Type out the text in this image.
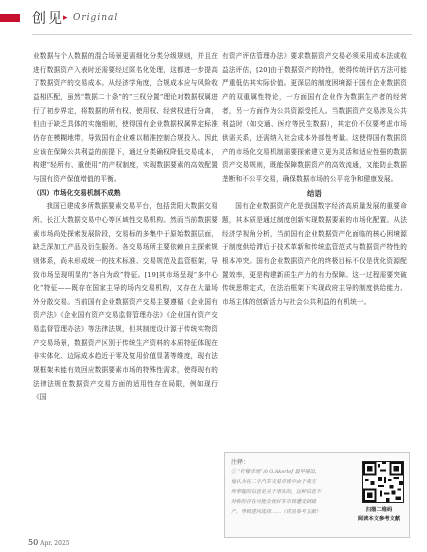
创见 ▸ Original

业数据与个人数据的混合场景更需细化分类分级规则，并且在进行数据资产入表时还需要经过匿名化处理，这都进一步提高了数据资产的交易成本。从经济学角度，合规成本应与风险收益相匹配，虽然“数据二十条”的“三权分置”理论对数据权属进行了初步界定，将数据的所有权、使用权、经营权进行分离，但由于缺乏具体的实施细则，使得国有企业数据权属界定标准仍存在模糊地带，导致国有企业难以精准控制合规投入。因此应该在保障公共利益的前提下，通过分类确权降低交易成本，构建“轻所有、重使用”的产权制度，实现数据要素的高效配置与国有资产保值增值的平衡。

（四）市场化交易机制不成熟

我国已建成多所数据要素交易平台，包括贵阳大数据交易所、长江大数据交易中心等区域性交易机构。然而当前数据要素市场尚处探索发展阶段，交易标的多集中于原始数据层面，缺乏深加工产品及衍生服务。各交易场所主要依赖自主探索规则体系，尚未形成统一的技术标准、交易规范及监管框架，导致市场呈现明显的“各自为政”特征。[19]其市场呈现“多中心化”特征——既存在国家主导的场内交易机构，又存在大量场外分散交易。当前国有企业数据资产交易主要遵循《企业国有资产法》《企业国有资产交易监督管理办法》《企业国有资产交易监督管理办法》等法律法规，但其制度设计源于传统实物资产交易场景，数据资产区别于传统生产资料的本质特征体现在非实体化、边际成本趋近于零及复用价值显著等维度，现有法规框架未能有效回应数据要素市场的特殊性需求，使得现有的法律法规在数据资产交易方面的适用性存在局限，例如现行《国

有资产评估管理办法》要求数据资产交易必须采用成本法或收益法评估，[20]由于数据资产的特性，使得传统评估方法可能严重低估其实际价值。更深层的制度困境源于国有企业数据资产的双重属性特论，一方面国有企业作为数据生产者的经营者，另一方面作为公共资源受托人。当数据资产交易涉及公共利益时（如交通、医疗等民生数据），其定价不仅要考虑市场供需关系，还需纳入社会成本外部性考量。这使得国有数据资产的市场化交易机制需要探索建立更为灵活和适应性强的数据资产交易规则，既能保障数据资产的高效流通，又能防止数据垄断和不公平交易，确保数据市场的公平竞争和健康发展。

结语

国有企业数据资产化是我国数字经济高质量发展的重要命题，其本质是通过制度创新实现数据要素的市场化配置。从法经济学视角分析，当前国有企业数据资产化面临的核心困境源于制度供给滞后于技术革新和传统监管范式与数据资产特性的根本冲突。国有企业数据资产化的终极目标不仅是优化资源配置效率，更是构建新质生产力的有力保障。这一过程需要突破传统思维定式，在法治框架下实现政府主导的制度供给能力、市场主体的创新活力与社会公共利益的有机统一。

注释：

① “柠檬市场”由 G.Akerlof 最早提出，
他认为在二手汽车交易市场中由于卖方
所掌握的信息是关于事实的，这种信息不
对称的存在可能会使好车市场遭受到破
产，导致逆向选择……（详见参考文献）	扫描二维码
阅读本文参考文献

50 Apr. 2025
